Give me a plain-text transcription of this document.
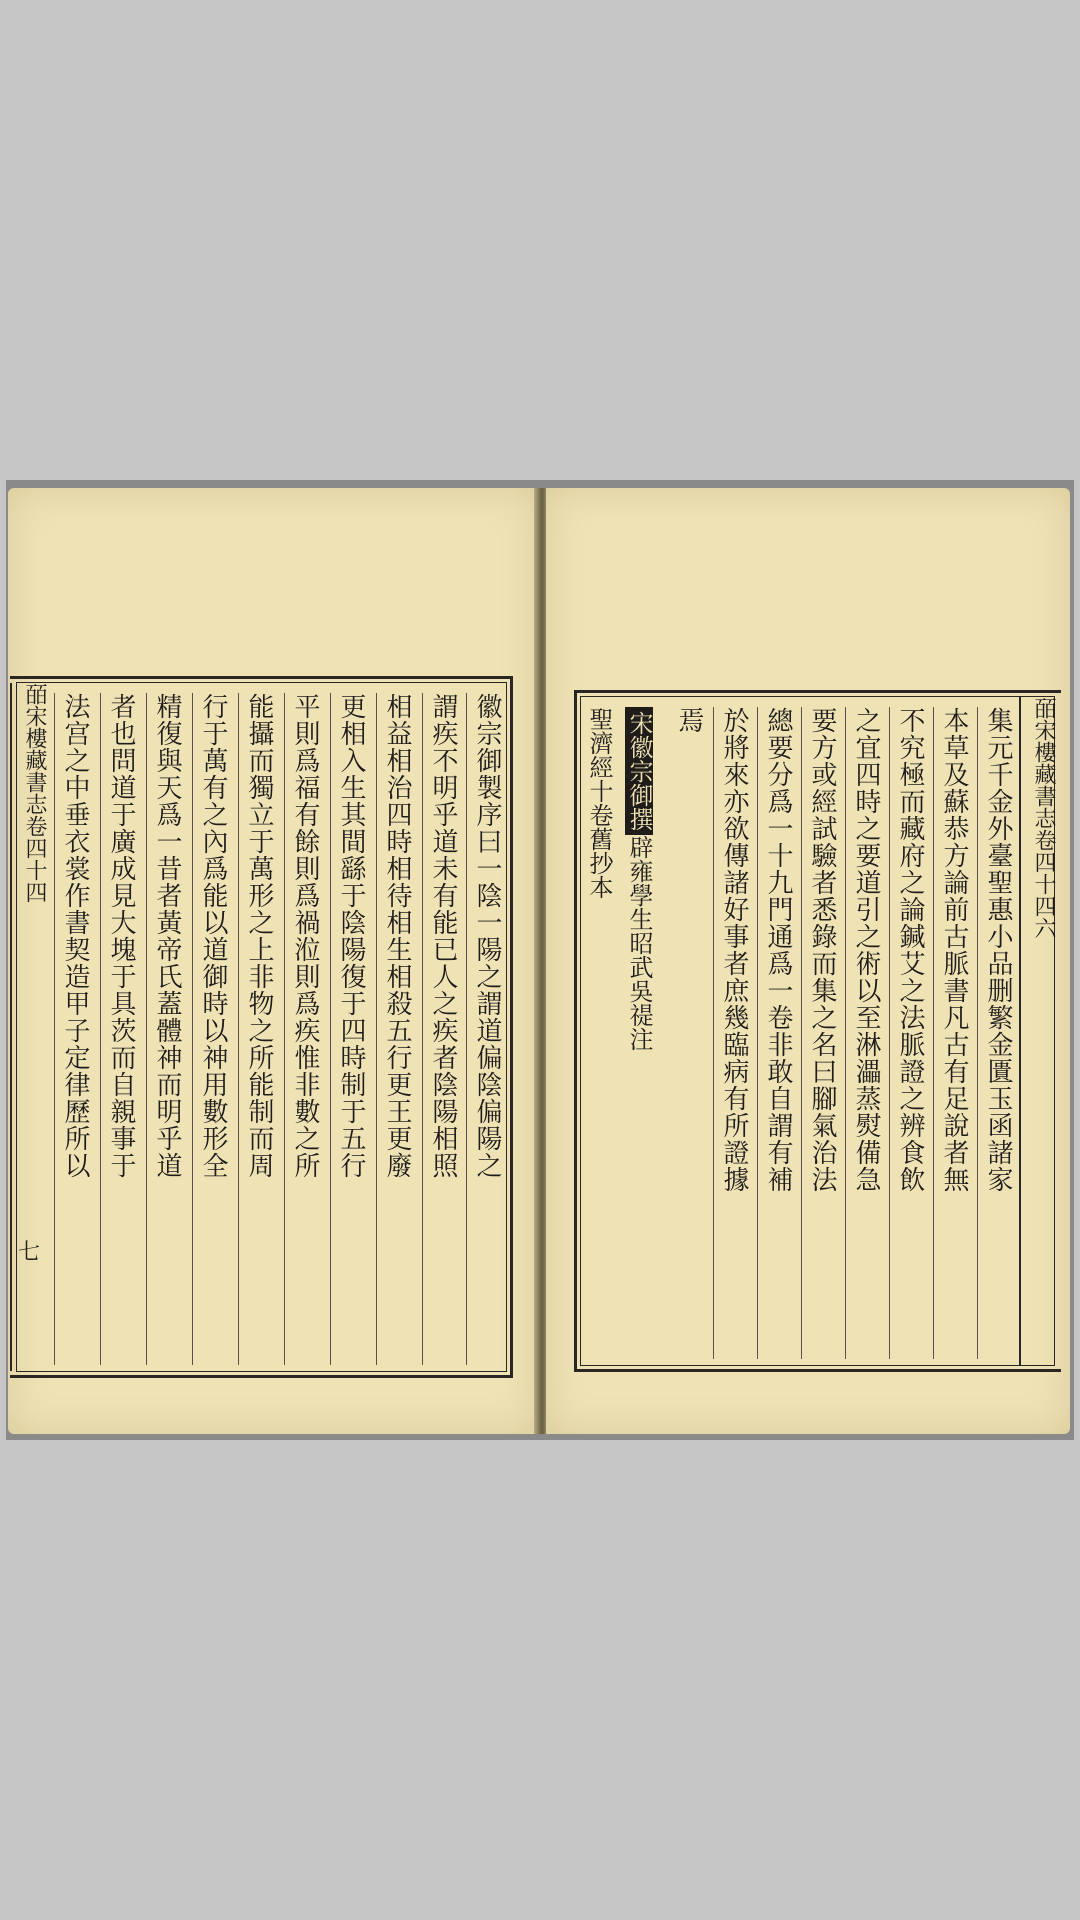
皕宋樓藏書志卷四十四
七
法宫之中垂衣裳作書契造甲子定律歷所以 者也問道于廣成見大塊于具茨而自親事于 精復與天爲一昔者黃帝氏蓋體神而明乎道 行于萬有之內爲能以道御時以神用數形全 能攝而獨立于萬形之上非物之所能制而周 平則爲福有餘則爲禍涖則爲疾惟非數之所 更相入生其間繇于陰陽復于四時制于五行 相益相治四時相待相生相殺五行更王更廢 謂疾不明乎道未有能已人之疾者陰陽相照 徽宗御製序曰一陰一陽之謂道偏陰偏陽之	聖濟經十卷舊抄本 宋徽宗御撰辟雍學生昭武吳禔注
焉 於將來亦欲傳諸好事者庶幾臨病有所證據 總要分爲一十九門通爲一卷非敢自謂有補 要方或經試驗者悉錄而集之名曰腳氣治法 之宜四時之要道引之術以至淋㵽蒸熨備急 不究極而藏府之論鍼艾之法脈證之辨食飲 本草及蘇恭方論前古脈書凡古有足說者無 集元千金外臺聖惠小品删繁金匱玉函諸家 皕宋樓藏書志卷四十四六
